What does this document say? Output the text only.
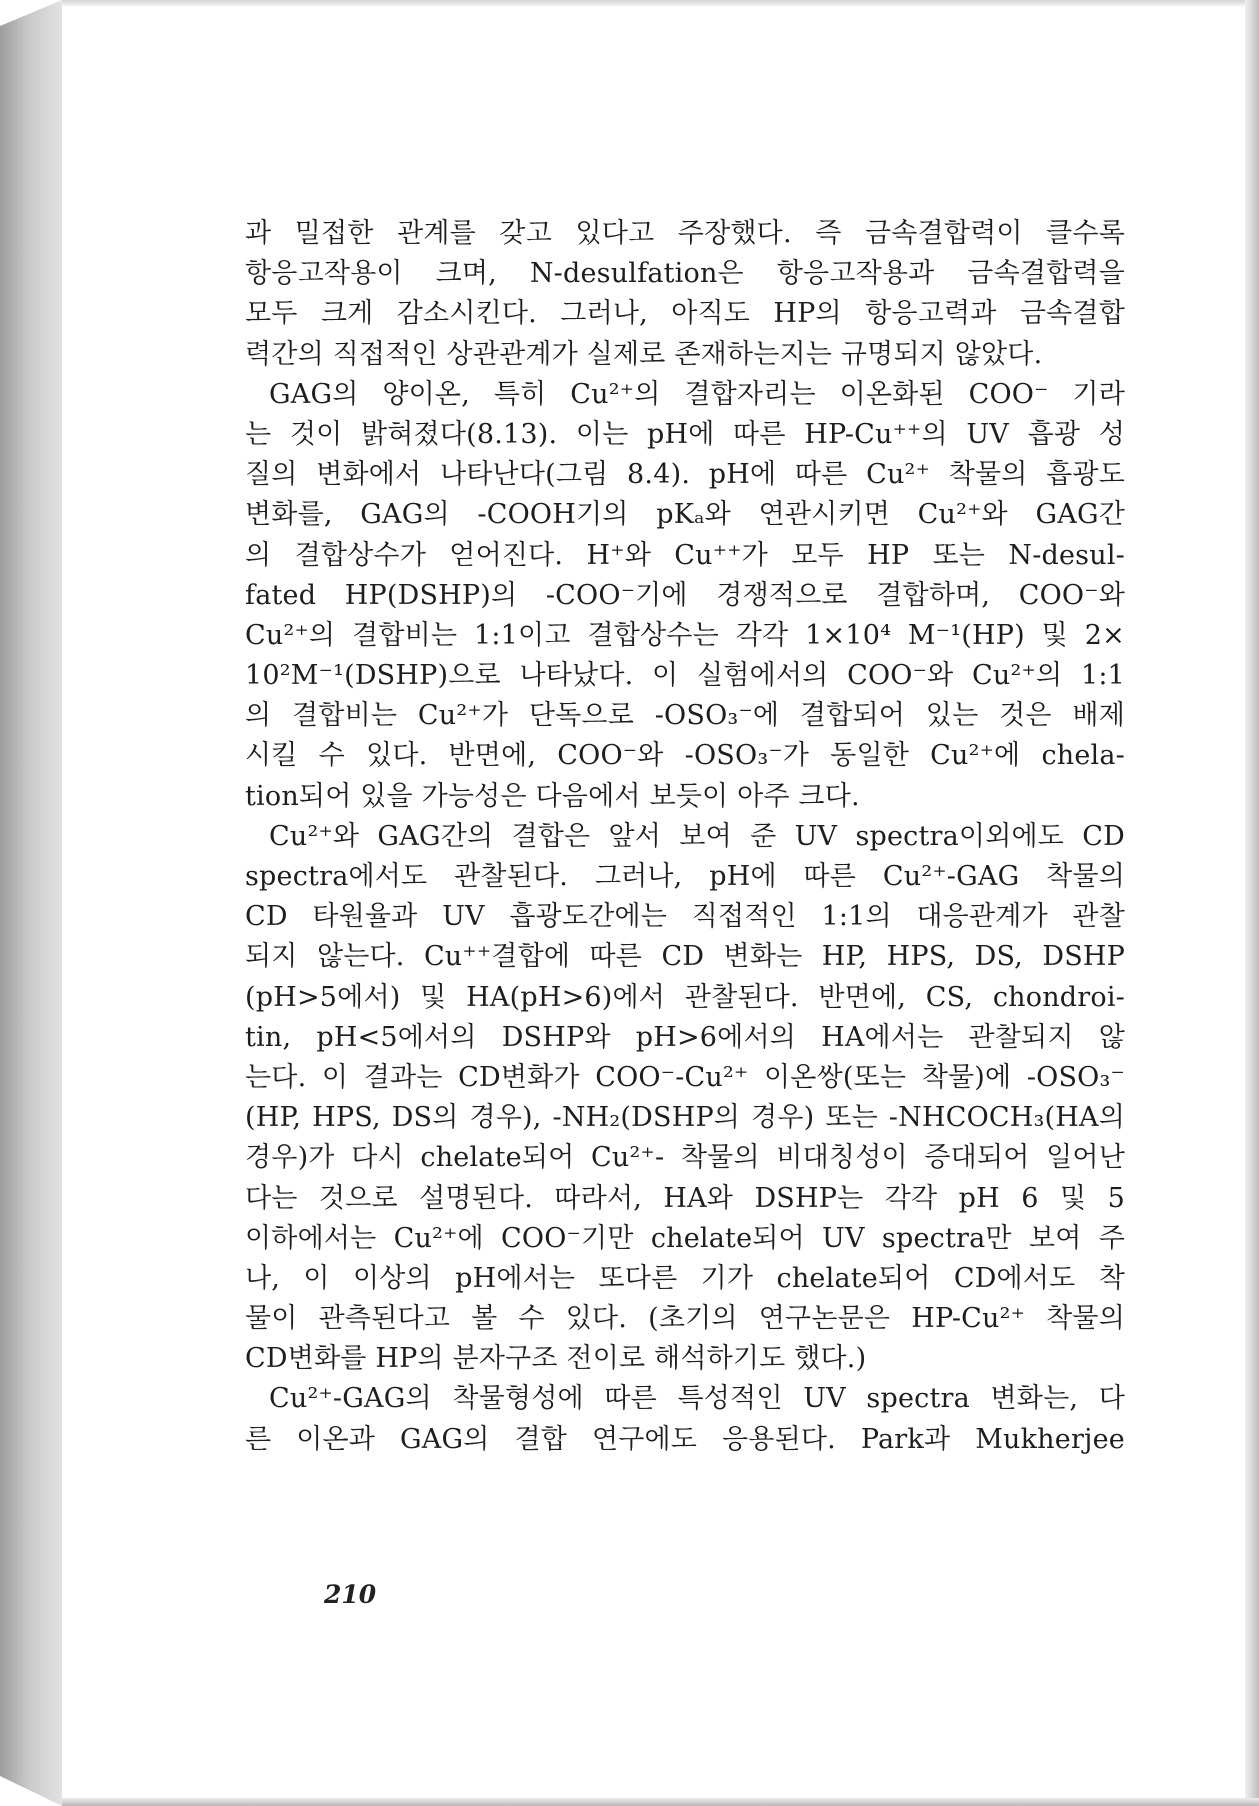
과 밀접한 관계를 갖고 있다고 주장했다. 즉 금속결합력이 클수록
항응고작용이 크며, N-desulfation은 항응고작용과 금속결합력을
모두 크게 감소시킨다. 그러나, 아직도 HP의 항응고력과 금속결합
력간의 직접적인 상관관계가 실제로 존재하는지는 규명되지 않았다.
GAG의 양이온, 특히 Cu²⁺의 결합자리는 이온화된 COO⁻ 기라
는 것이 밝혀졌다(8.13). 이는 pH에 따른 HP-Cu⁺⁺의 UV 흡광 성
질의 변화에서 나타난다(그림 8.4). pH에 따른 Cu²⁺ 착물의 흡광도
변화를, GAG의 -COOH기의 pKₐ와 연관시키면 Cu²⁺와 GAG간
의 결합상수가 얻어진다. H⁺와 Cu⁺⁺가 모두 HP 또는 N-desul-
fated HP(DSHP)의 -COO⁻기에 경쟁적으로 결합하며, COO⁻와
Cu²⁺의 결합비는 1:1이고 결합상수는 각각 1×10⁴ M⁻¹(HP) 및 2×
10²M⁻¹(DSHP)으로 나타났다. 이 실험에서의 COO⁻와 Cu²⁺의 1:1
의 결합비는 Cu²⁺가 단독으로 -OSO₃⁻에 결합되어 있는 것은 배제
시킬 수 있다. 반면에, COO⁻와 -OSO₃⁻가 동일한 Cu²⁺에 chela-
tion되어 있을 가능성은 다음에서 보듯이 아주 크다.
Cu²⁺와 GAG간의 결합은 앞서 보여 준 UV spectra이외에도 CD
spectra에서도 관찰된다. 그러나, pH에 따른 Cu²⁺-GAG 착물의
CD 타원율과 UV 흡광도간에는 직접적인 1:1의 대응관계가 관찰
되지 않는다. Cu⁺⁺결합에 따른 CD 변화는 HP, HPS, DS, DSHP
(pH>5에서) 및 HA(pH>6)에서 관찰된다. 반면에, CS, chondroi-
tin, pH<5에서의 DSHP와 pH>6에서의 HA에서는 관찰되지 않
는다. 이 결과는 CD변화가 COO⁻-Cu²⁺ 이온쌍(또는 착물)에 -OSO₃⁻
(HP, HPS, DS의 경우), -NH₂(DSHP의 경우) 또는 -NHCOCH₃(HA의
경우)가 다시 chelate되어 Cu²⁺- 착물의 비대칭성이 증대되어 일어난
다는 것으로 설명된다. 따라서, HA와 DSHP는 각각 pH 6 및 5
이하에서는 Cu²⁺에 COO⁻기만 chelate되어 UV spectra만 보여 주
나, 이 이상의 pH에서는 또다른 기가 chelate되어 CD에서도 착
물이 관측된다고 볼 수 있다. (초기의 연구논문은 HP-Cu²⁺ 착물의
CD변화를 HP의 분자구조 전이로 해석하기도 했다.)
Cu²⁺-GAG의 착물형성에 따른 특성적인 UV spectra 변화는, 다
른 이온과 GAG의 결합 연구에도 응용된다. Park과 Mukherjee
210
